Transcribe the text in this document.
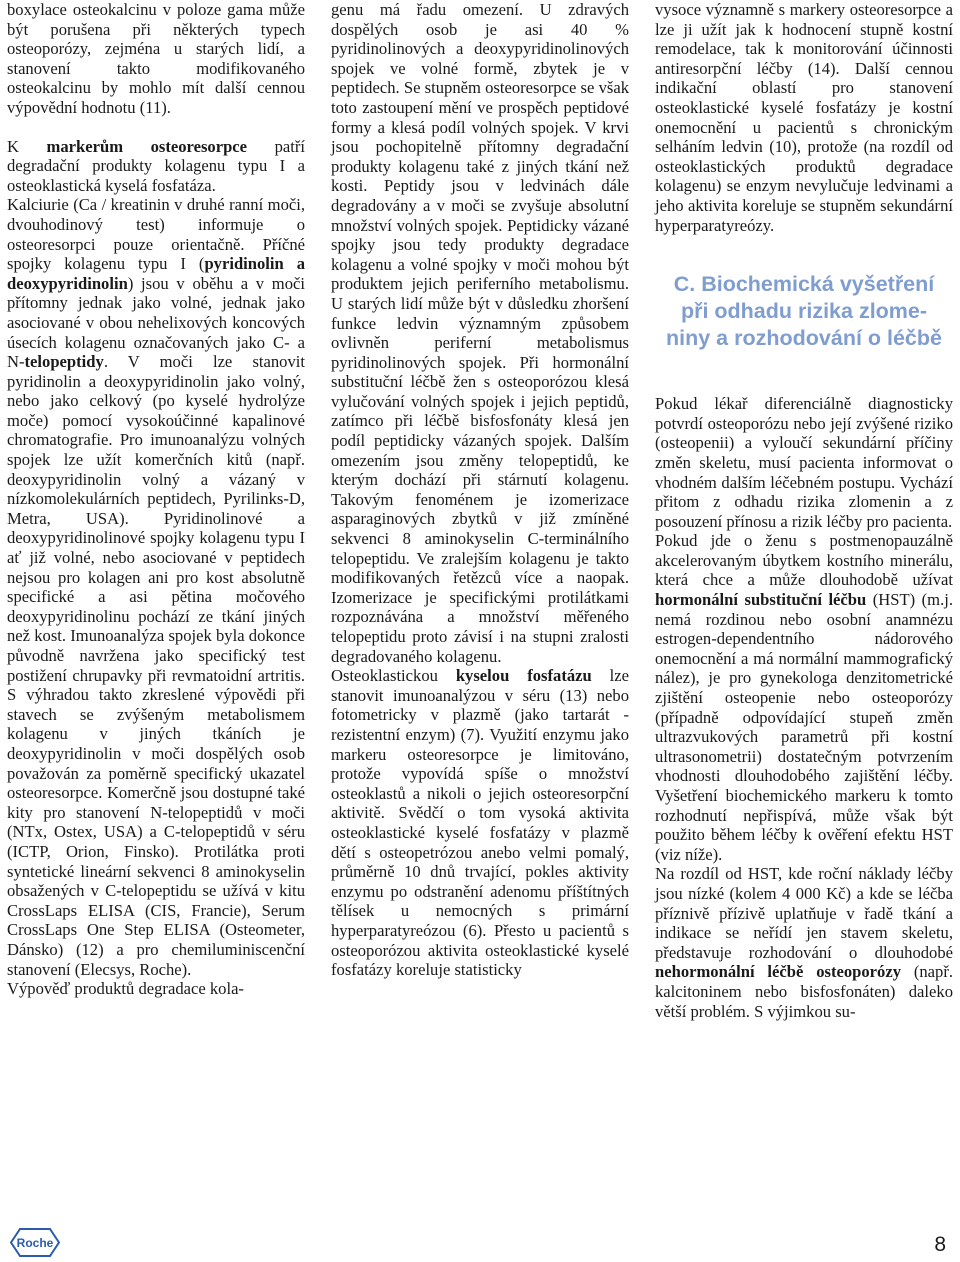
boxylace osteokalcinu v poloze gama může být porušena při některých typech osteoporózy, zejména u starých lidí, a stanovení takto modifikovaného osteokalcinu by mohlo mít další cennou výpovědní hodnotu (11).

K markerům osteoresorpce patří degradační produkty kolagenu typu I a osteoklastická kyselá fosfatáza.

Kalciurie (Ca / kreatinin v druhé ranní moči, dvouhodinový test) informuje o osteoresorpci pouze orientačně. Příčné spojky kolagenu typu I (pyridinolin a deoxypyridinolin) jsou v oběhu a v moči přítomny jednak jako volné, jednak jako asociované v obou nehelixových koncových úsecích kolagenu označovaných jako C- a N-telopeptidy. V moči lze stanovit pyridinolin a deoxypyridinolin jako volný, nebo jako celkový (po kyselé hydrolýze moče) pomocí vysokoúčinné kapalinové chromatografie. Pro imunoanalýzu volných spojek lze užít komerčních kitů (např. deoxypyridinolin volný a vázaný v nízkomolekulárních peptidech, Pyrilinks-D, Metra, USA). Pyridinolinové a deoxypyridinolinové spojky kolagenu typu I ať již volné, nebo asociované v peptidech nejsou pro kolagen ani pro kost absolutně specifické a asi pětina močového deoxypyridinolinu pochází ze tkání jiných než kost. Imunoanalýza spojek byla dokonce původně navržena jako specifický test postižení chrupavky při revmatoidní artritis. S výhradou takto zkreslené výpovědi při stavech se zvýšeným metabolismem kolagenu v jiných tkáních je deoxypyridinolin v moči dospělých osob považován za poměrně specifický ukazatel osteoresorpce. Komerčně jsou dostupné také kity pro stanovení N-telopeptidů v moči (NTx, Ostex, USA) a C-telopeptidů v séru (ICTP, Orion, Finsko). Protilátka proti syntetické lineární sekvenci 8 aminokyselin obsažených v C-telopeptidu se užívá v kitu CrossLaps ELISA (CIS, Francie), Serum CrossLaps One Step ELISA (Osteometer, Dánsko) (12) a pro chemiluminiscenční stanovení (Elecsys, Roche).

Výpověď produktů degradace kola-

genu má řadu omezení. U zdravých dospělých osob je asi 40 % pyridinolinových a deoxypyridinolinových spojek ve volné formě, zbytek je v peptidech. Se stupněm osteoresorpce se však toto zastoupení mění ve prospěch peptidové formy a klesá podíl volných spojek. V krvi jsou pochopitelně přítomny degradační produkty kolagenu také z jiných tkání než kosti. Peptidy jsou v ledvinách dále degradovány a v moči se zvyšuje absolutní množství volných spojek. Peptidicky vázané spojky jsou tedy produkty degradace kolagenu a volné spojky v moči mohou být produktem jejich periferního metabolismu. U starých lidí může být v důsledku zhoršení funkce ledvin významným způsobem ovlivněn periferní metabolismus pyridinolinových spojek. Při hormonální substituční léčbě žen s osteoporózou klesá vylučování volných spojek i jejich peptidů, zatímco při léčbě bisfosfonáty klesá jen podíl peptidicky vázaných spojek. Dalším omezením jsou změny telopeptidů, ke kterým dochází při stárnutí kolagenu. Takovým fenoménem je izomerizace asparaginových zbytků v již zmíněné sekvenci 8 aminokyselin C-terminálního telopeptidu. Ve zralejším kolagenu je takto modifikovaných řetězců více a naopak. Izomerizace je specifickými protilátkami rozpoznávána a množství měřeného telopeptidu proto závisí i na stupni zralosti degradovaného kolagenu.

Osteoklastickou kyselou fosfatázu lze stanovit imunoanalýzou v séru (13) nebo fotometricky v plazmě (jako tartarát - rezistentní enzym) (7). Využití enzymu jako markeru osteoresorpce je limitováno, protože vypovídá spíše o množství osteoklastů a nikoli o jejich osteoresorpční aktivitě. Svědčí o tom vysoká aktivita osteoklastické kyselé fosfatázy v plazmě dětí s osteopetrózou anebo velmi pomalý, průměrně 10 dnů trvající, pokles aktivity enzymu po odstranění adenomu příštítných tělísek u nemocných s primární hyperparatyreózou (6). Přesto u pacientů s osteoporózou aktivita osteoklastické kyselé fosfatázy koreluje statisticky

vysoce významně s markery osteoresorpce a lze ji užít jak k hodnocení stupně kostní remodelace, tak k monitorování účinnosti antiresorpční léčby (14). Další cennou indikační oblastí pro stanovení osteoklastické kyselé fosfatázy je kostní onemocnění u pacientů s chronickým selháním ledvin (10), protože (na rozdíl od osteoklastických produktů degradace kolagenu) se enzym nevylučuje ledvinami a jeho aktivita koreluje se stupněm sekundární hyperparatyreózy.

C. Biochemická vyšetření
při odhadu rizika zlome-
niny a rozhodování o léčbě

Pokud lékař diferenciálně diagnosticky potvrdí osteoporózu nebo její zvýšené riziko (osteopenii) a vyloučí sekundární příčiny změn skeletu, musí pacienta informovat o vhodném dalším léčebném postupu. Vychází přitom z odhadu rizika zlomenin a z posouzení přínosu a rizik léčby pro pacienta.

Pokud jde o ženu s postmenopauzálně akcelerovaným úbytkem kostního minerálu, která chce a může dlouhodobě užívat hormonální substituční léčbu (HST) (m.j. nemá rozdinou nebo osobní anamnézu estrogen-dependentního nádorového onemocnění a má normální mammografický nález), je pro gynekologa denzitometrické zjištění osteopenie nebo osteoporózy (případně odpovídající stupeň změn ultrazvukových parametrů při kostní ultrasonometrii) dostatečným potvrzením vhodnosti dlouhodobého zajištění léčby. Vyšetření biochemického markeru k tomto rozhodnutí nepřispívá, může však být použito během léčby k ověření efektu HST (viz níže).

Na rozdíl od HST, kde roční náklady léčby jsou nízké (kolem 4 000 Kč) a kde se léčba příznivě přízivě uplatňuje v řadě tkání a indikace se neřídí jen stavem skeletu, představuje rozhodování o dlouhodobé nehormonální léčbě osteoporózy (např. kalcitoninem nebo bisfosfonáten) daleko větší problém. S výjimkou su-

Roche	8
